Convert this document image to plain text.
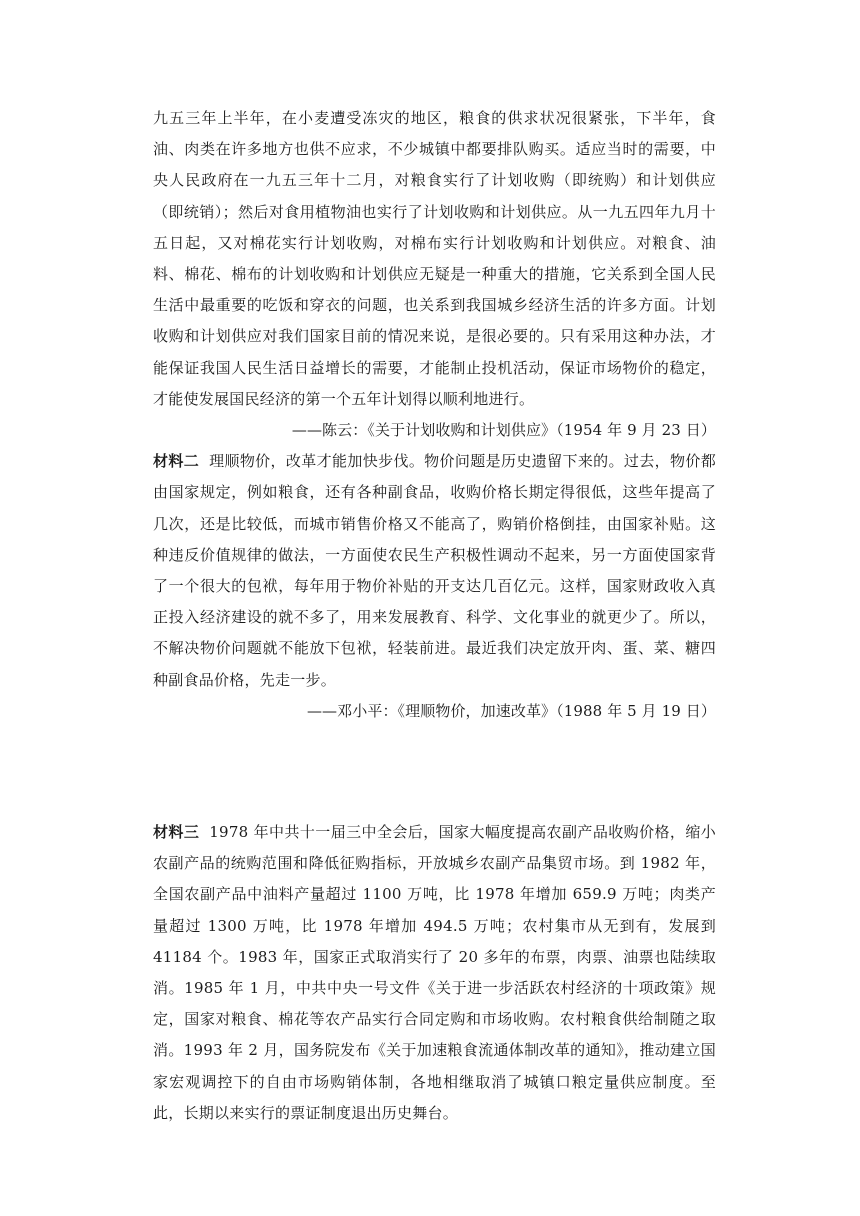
九五三年上半年，在小麦遭受冻灾的地区，粮食的供求状况很紧张，下半年，食油、肉类在许多地方也供不应求，不少城镇中都要排队购买。适应当时的需要，中央人民政府在一九五三年十二月，对粮食实行了计划收购（即统购）和计划供应（即统销）；然后对食用植物油也实行了计划收购和计划供应。从一九五四年九月十五日起，又对棉花实行计划收购，对棉布实行计划收购和计划供应。对粮食、油料、棉花、棉布的计划收购和计划供应无疑是一种重大的措施，它关系到全国人民生活中最重要的吃饭和穿衣的问题，也关系到我国城乡经济生活的许多方面。计划收购和计划供应对我们国家目前的情况来说，是很必要的。只有采用这种办法，才能保证我国人民生活日益增长的需要，才能制止投机活动，保证市场物价的稳定，才能使发展国民经济的第一个五年计划得以顺利地进行。

——陈云：《关于计划收购和计划供应》（1954 年 9 月 23 日）

材料二 理顺物价，改革才能加快步伐。物价问题是历史遗留下来的。过去，物价都由国家规定，例如粮食，还有各种副食品，收购价格长期定得很低，这些年提高了几次，还是比较低，而城市销售价格又不能高了，购销价格倒挂，由国家补贴。这种违反价值规律的做法，一方面使农民生产积极性调动不起来，另一方面使国家背了一个很大的包袱，每年用于物价补贴的开支达几百亿元。这样，国家财政收入真正投入经济建设的就不多了，用来发展教育、科学、文化事业的就更少了。所以，不解决物价问题就不能放下包袱，轻装前进。最近我们决定放开肉、蛋、菜、糖四种副食品价格，先走一步。

——邓小平：《理顺物价，加速改革》（1988 年 5 月 19 日）

材料三 1978 年中共十一届三中全会后，国家大幅度提高农副产品收购价格，缩小农副产品的统购范围和降低征购指标，开放城乡农副产品集贸市场。到 1982 年，全国农副产品中油料产量超过 1100 万吨，比 1978 年增加 659.9 万吨；肉类产量超过 1300 万吨，比 1978 年增加 494.5 万吨；农村集市从无到有，发展到 41184 个。1983 年，国家正式取消实行了 20 多年的布票，肉票、油票也陆续取消。1985 年 1 月，中共中央一号文件《关于进一步活跃农村经济的十项政策》规定，国家对粮食、棉花等农产品实行合同定购和市场收购。农村粮食供给制随之取消。1993 年 2 月，国务院发布《关于加速粮食流通体制改革的通知》，推动建立国家宏观调控下的自由市场购销体制，各地相继取消了城镇口粮定量供应制度。至此，长期以来实行的票证制度退出历史舞台。
